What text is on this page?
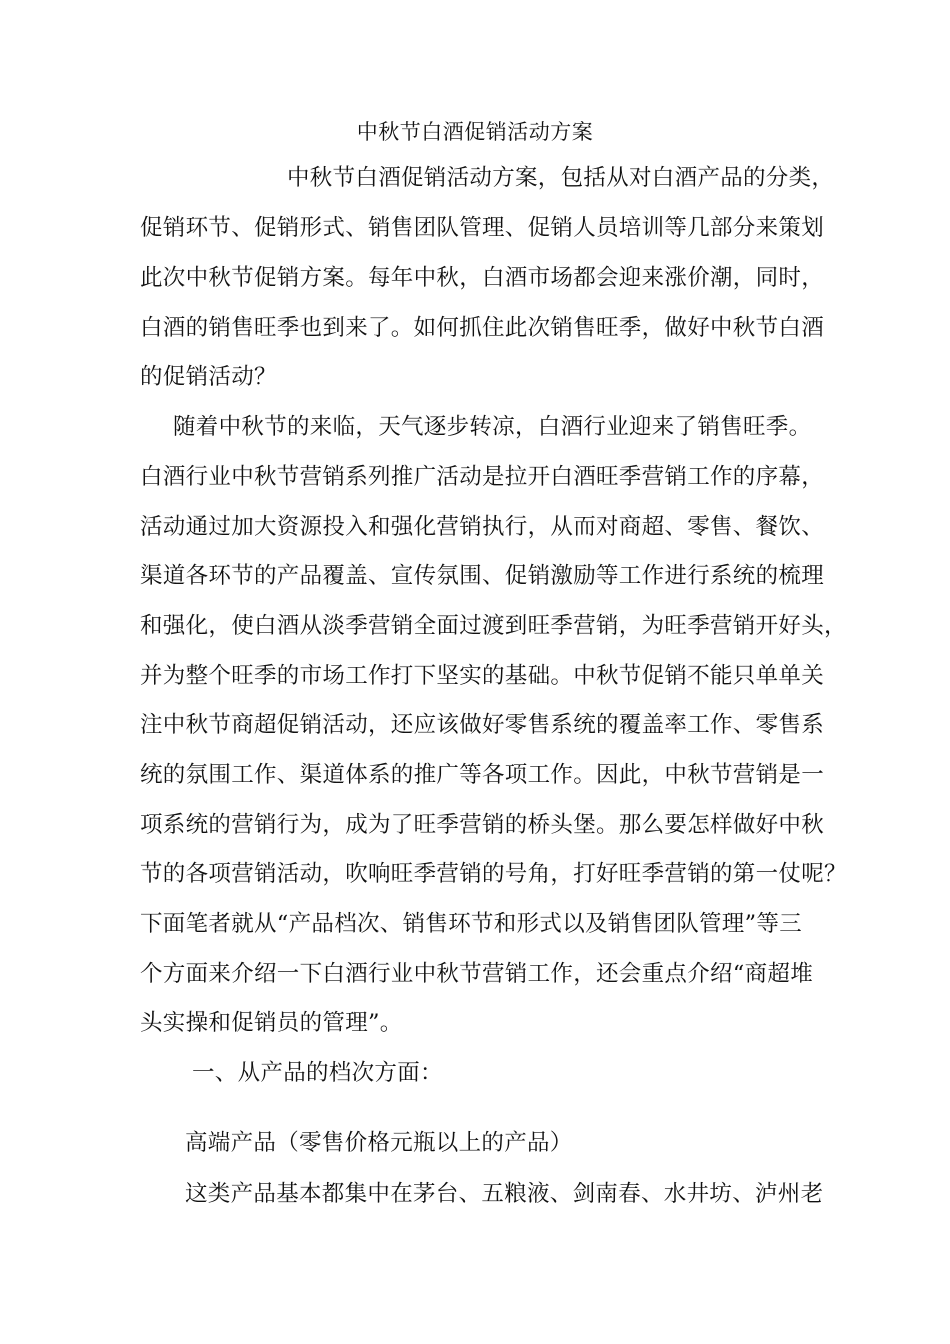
中秋节白酒促销活动方案
中秋节白酒促销活动方案，包括从对白酒产品的分类，
促销环节、促销形式、销售团队管理、促销人员培训等几部分来策划
此次中秋节促销方案。每年中秋，白酒市场都会迎来涨价潮，同时，
白酒的销售旺季也到来了。如何抓住此次销售旺季，做好中秋节白酒
的促销活动？
随着中秋节的来临，天气逐步转凉，白酒行业迎来了销售旺季。
白酒行业中秋节营销系列推广活动是拉开白酒旺季营销工作的序幕，
活动通过加大资源投入和强化营销执行，从而对商超、零售、餐饮、
渠道各环节的产品覆盖、宣传氛围、促销激励等工作进行系统的梳理
和强化，使白酒从淡季营销全面过渡到旺季营销，为旺季营销开好头，
并为整个旺季的市场工作打下坚实的基础。中秋节促销不能只单单关
注中秋节商超促销活动，还应该做好零售系统的覆盖率工作、零售系
统的氛围工作、渠道体系的推广等各项工作。因此，中秋节营销是一
项系统的营销行为，成为了旺季营销的桥头堡。那么要怎样做好中秋
节的各项营销活动，吹响旺季营销的号角，打好旺季营销的第一仗呢？
下面笔者就从“产品档次、销售环节和形式以及销售团队管理”等三
个方面来介绍一下白酒行业中秋节营销工作，还会重点介绍“商超堆
头实操和促销员的管理”。
一、从产品的档次方面：
高端产品（零售价格元瓶以上的产品）
这类产品基本都集中在茅台、五粮液、剑南春、水井坊、泸州老
